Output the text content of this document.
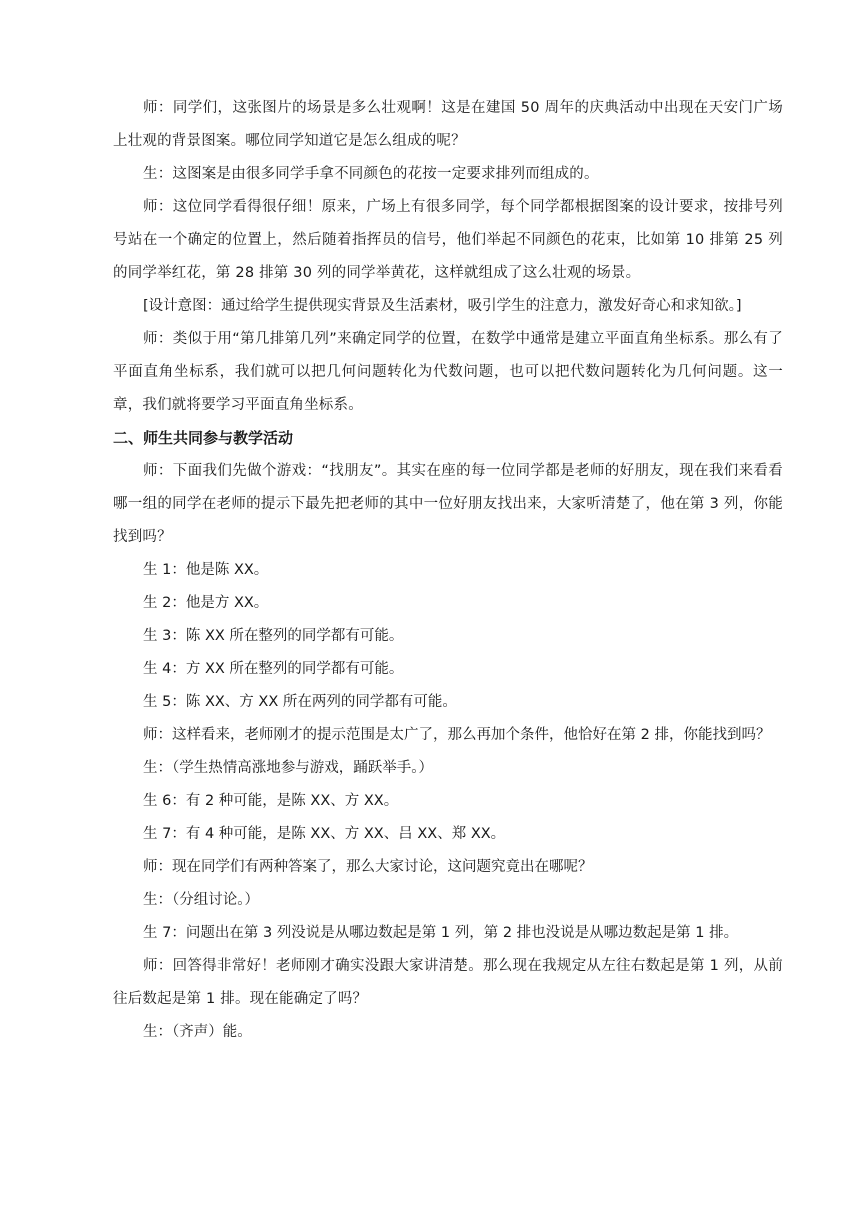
师：同学们，这张图片的场景是多么壮观啊！这是在建国 50 周年的庆典活动中出现在天安门广场上壮观的背景图案。哪位同学知道它是怎么组成的呢？

生：这图案是由很多同学手拿不同颜色的花按一定要求排列而组成的。

师：这位同学看得很仔细！原来，广场上有很多同学，每个同学都根据图案的设计要求，按排号列号站在一个确定的位置上，然后随着指挥员的信号，他们举起不同颜色的花束，比如第 10 排第 25 列的同学举红花，第 28 排第 30 列的同学举黄花，这样就组成了这么壮观的场景。

[设计意图：通过给学生提供现实背景及生活素材，吸引学生的注意力，激发好奇心和求知欲。]

师：类似于用“第几排第几列”来确定同学的位置，在数学中通常是建立平面直角坐标系。那么有了平面直角坐标系，我们就可以把几何问题转化为代数问题，也可以把代数问题转化为几何问题。这一章，我们就将要学习平面直角坐标系。

二、师生共同参与教学活动

师：下面我们先做个游戏：“找朋友”。其实在座的每一位同学都是老师的好朋友，现在我们来看看哪一组的同学在老师的提示下最先把老师的其中一位好朋友找出来，大家听清楚了，他在第 3 列，你能找到吗？

生 1：他是陈 XX。

生 2：他是方 XX。

生 3：陈 XX 所在整列的同学都有可能。

生 4：方 XX 所在整列的同学都有可能。

生 5：陈 XX、方 XX 所在两列的同学都有可能。

师：这样看来，老师刚才的提示范围是太广了，那么再加个条件，他恰好在第 2 排，你能找到吗？

生：（学生热情高涨地参与游戏，踊跃举手。）

生 6：有 2 种可能，是陈 XX、方 XX。

生 7：有 4 种可能，是陈 XX、方 XX、吕 XX、郑 XX。

师：现在同学们有两种答案了，那么大家讨论，这问题究竟出在哪呢？

生：（分组讨论。）

生 7：问题出在第 3 列没说是从哪边数起是第 1 列，第 2 排也没说是从哪边数起是第 1 排。

师：回答得非常好！老师刚才确实没跟大家讲清楚。那么现在我规定从左往右数起是第 1 列，从前往后数起是第 1 排。现在能确定了吗？

生：（齐声）能。
